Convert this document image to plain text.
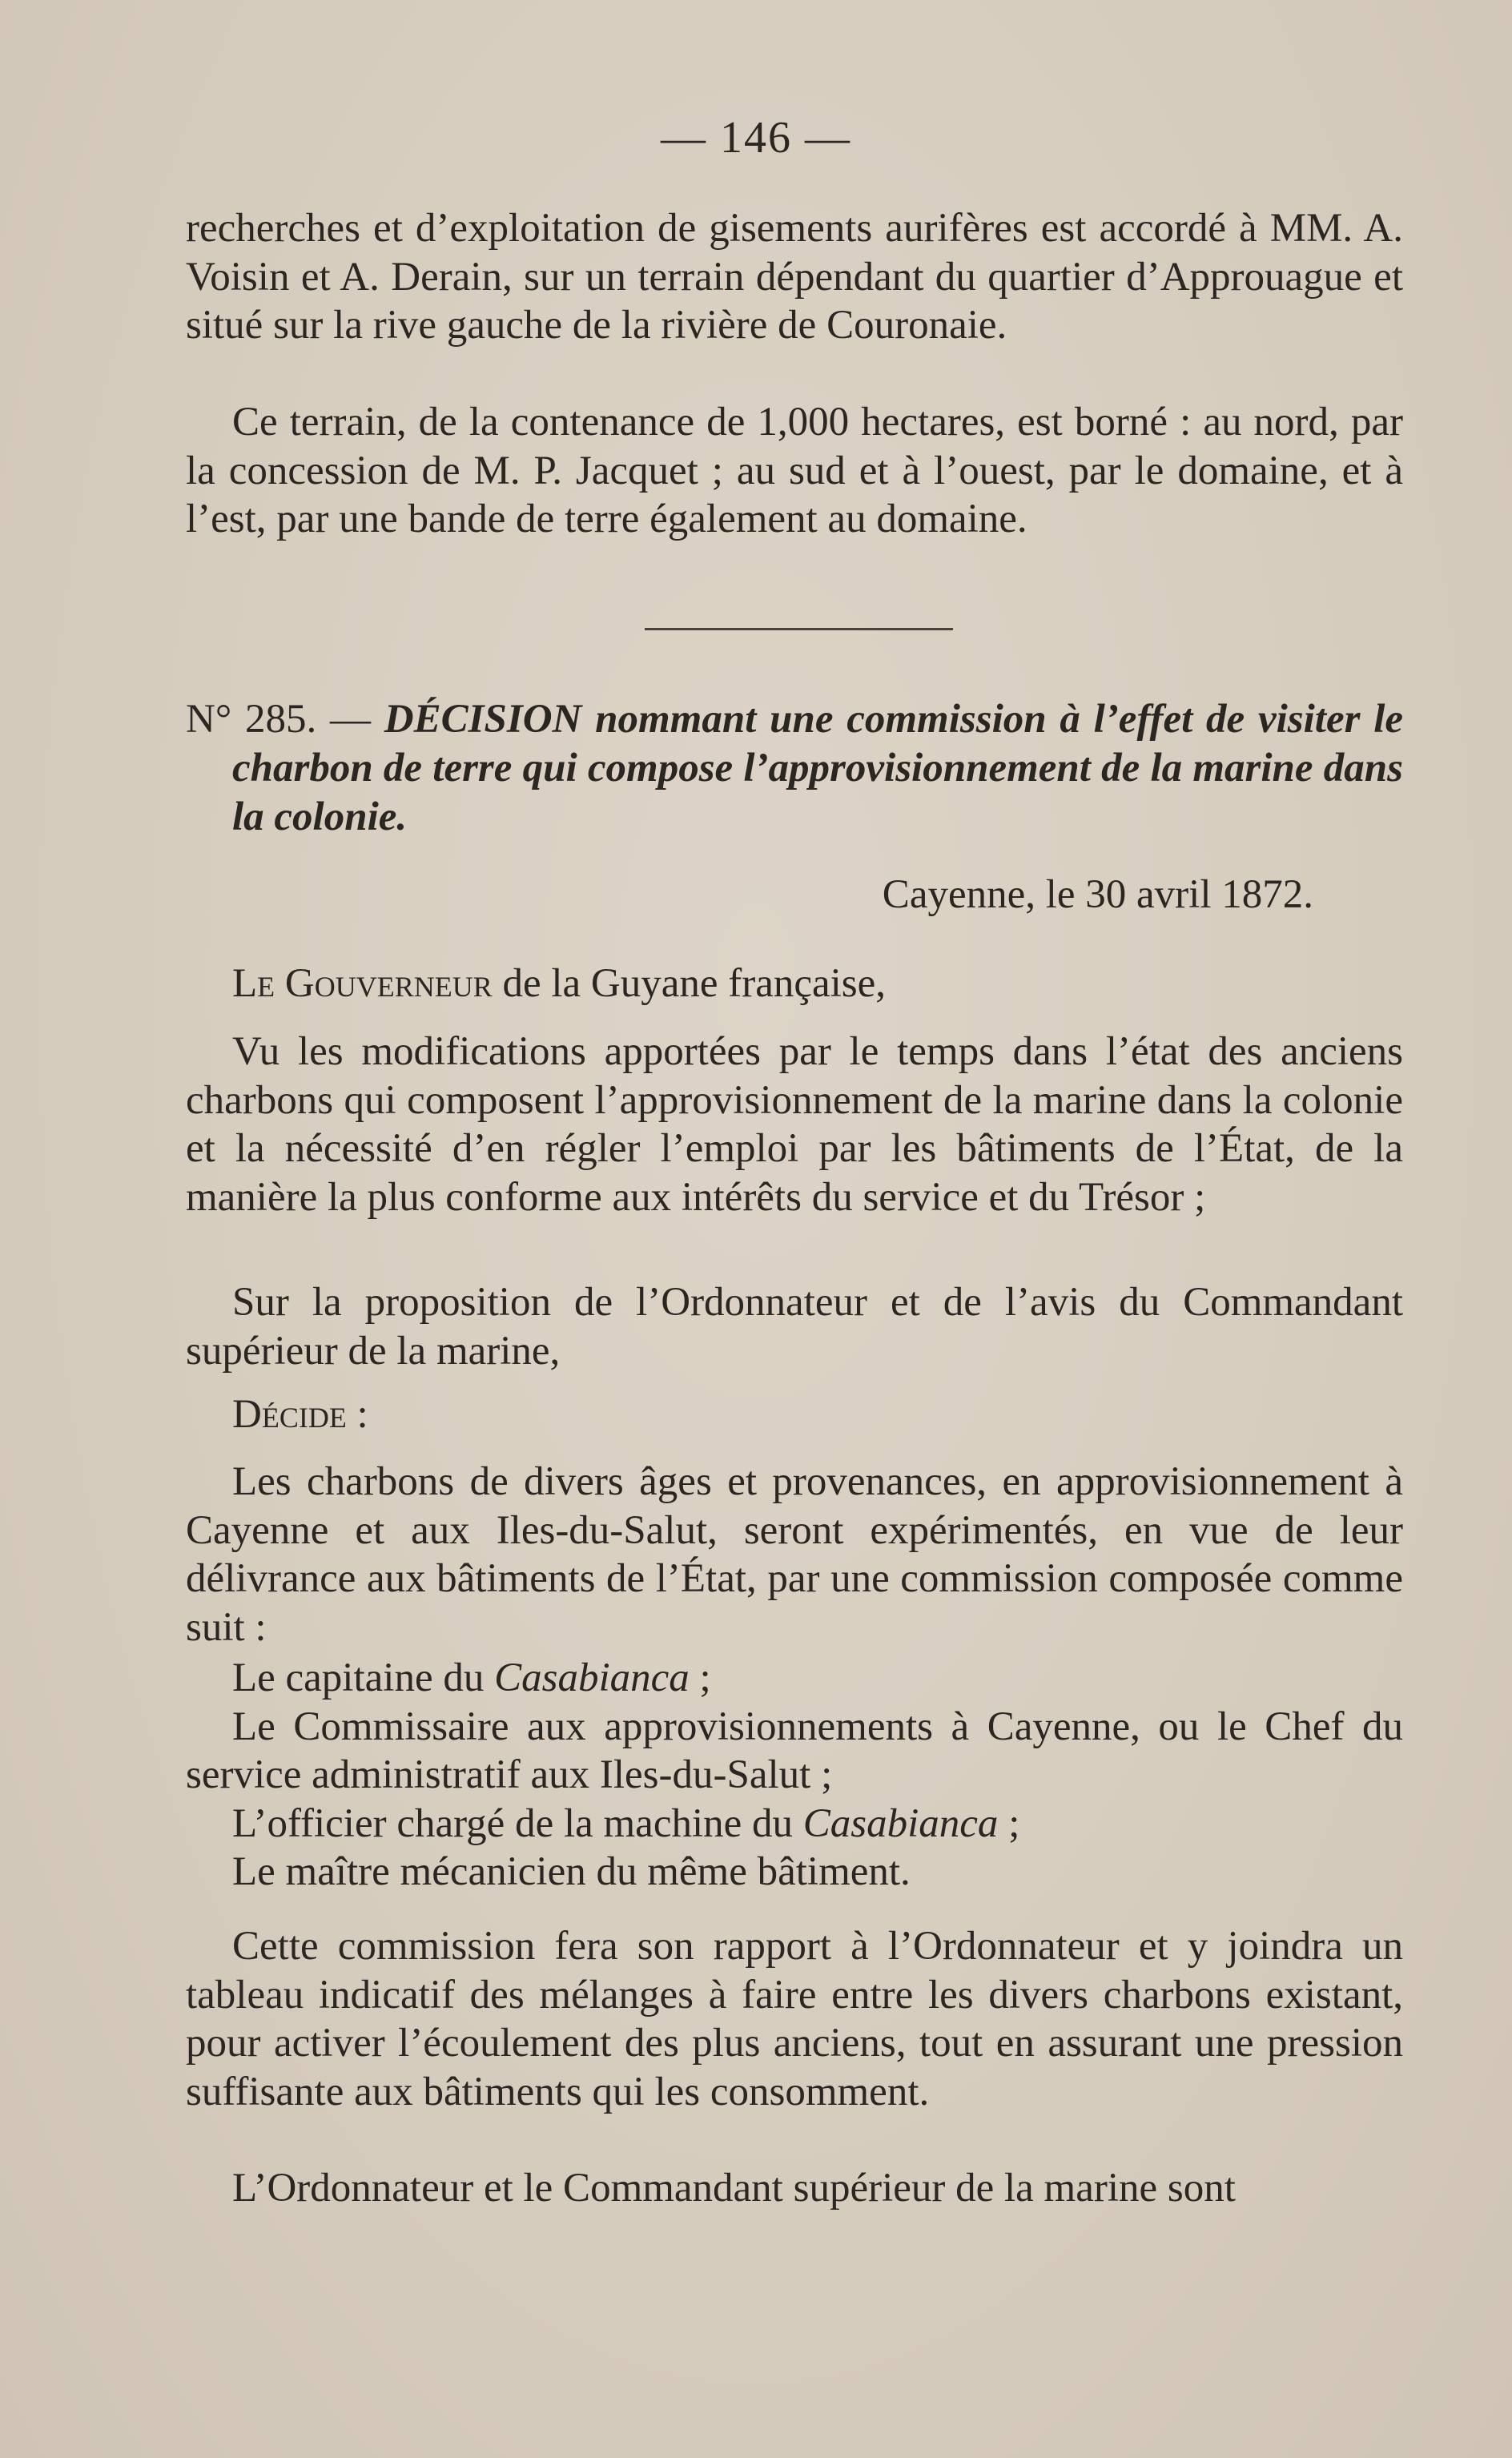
— 146 —

recherches et d’exploitation de gisements aurifères est accordé à MM. A. Voisin et A. Derain, sur un terrain dépendant du quartier d’Approuague et situé sur la rive gauche de la rivière de Couronaie.

Ce terrain, de la contenance de 1,000 hectares, est borné : au nord, par la concession de M. P. Jacquet ; au sud et à l’ouest, par le domaine, et à l’est, par une bande de terre également au domaine.

N° 285. — DÉCISION nommant une commission à l’effet de visiter le charbon de terre qui compose l’approvisionnement de la marine dans la colonie.

Cayenne, le 30 avril 1872.

Le Gouverneur de la Guyane française,

Vu les modifications apportées par le temps dans l’état des anciens charbons qui composent l’approvisionnement de la marine dans la colonie et la nécessité d’en régler l’emploi par les bâtiments de l’État, de la manière la plus conforme aux intérêts du service et du Trésor ;

Sur la proposition de l’Ordonnateur et de l’avis du Commandant supérieur de la marine,

Décide :

Les charbons de divers âges et provenances, en approvisionnement à Cayenne et aux Iles-du-Salut, seront expérimentés, en vue de leur délivrance aux bâtiments de l’État, par une commission composée comme suit :

Le capitaine du Casabianca ;

Le Commissaire aux approvisionnements à Cayenne, ou le Chef du service administratif aux Iles-du-Salut ;

L’officier chargé de la machine du Casabianca ;

Le maître mécanicien du même bâtiment.

Cette commission fera son rapport à l’Ordonnateur et y joindra un tableau indicatif des mélanges à faire entre les divers charbons existant, pour activer l’écoulement des plus anciens, tout en assurant une pression suffisante aux bâtiments qui les consomment.

L’Ordonnateur et le Commandant supérieur de la marine sont
